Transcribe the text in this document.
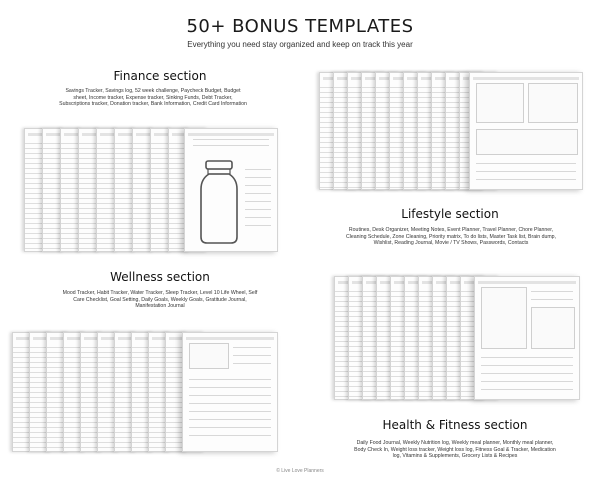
50+ BONUS TEMPLATES
Everything you need stay organized and keep on track this year
Finance section
Savings Tracker, Savings log, 52 week challenge, Paycheck Budget, Budget sheet, Income tracker, Expense tracker, Sinking Funds, Debt Tracker, Subscriptions tracker, Donation tracker, Bank Information, Credit Card Information
Lifestyle section
Routines, Desk Organizer, Meeting Notes, Event Planner, Travel Planner, Chore Planner, Cleaning Schedule, Zone Cleaning, Priority matrix, To do lists, Master Task list, Brain dump, Wishlist, Reading Journal, Movie / TV Shows, Passwords, Contacts
Wellness section
Mood Tracker, Habit Tracker, Water Tracker, Sleep Tracker, Level 10 Life Wheel, Self Care Checklist, Goal Setting, Daily Goals, Weekly Goals, Gratitude Journal, Manifestation Journal
Health & Fitness section
Daily Food Journal, Weekly Nutrition log, Weekly meal planner, Monthly meal planner, Body Check In, Weight loss tracker, Weight loss log, Fitness Goal & Tracker, Medication log, Vitamins & Supplements, Grocery Lists & Recipes
© Live Love Planners
